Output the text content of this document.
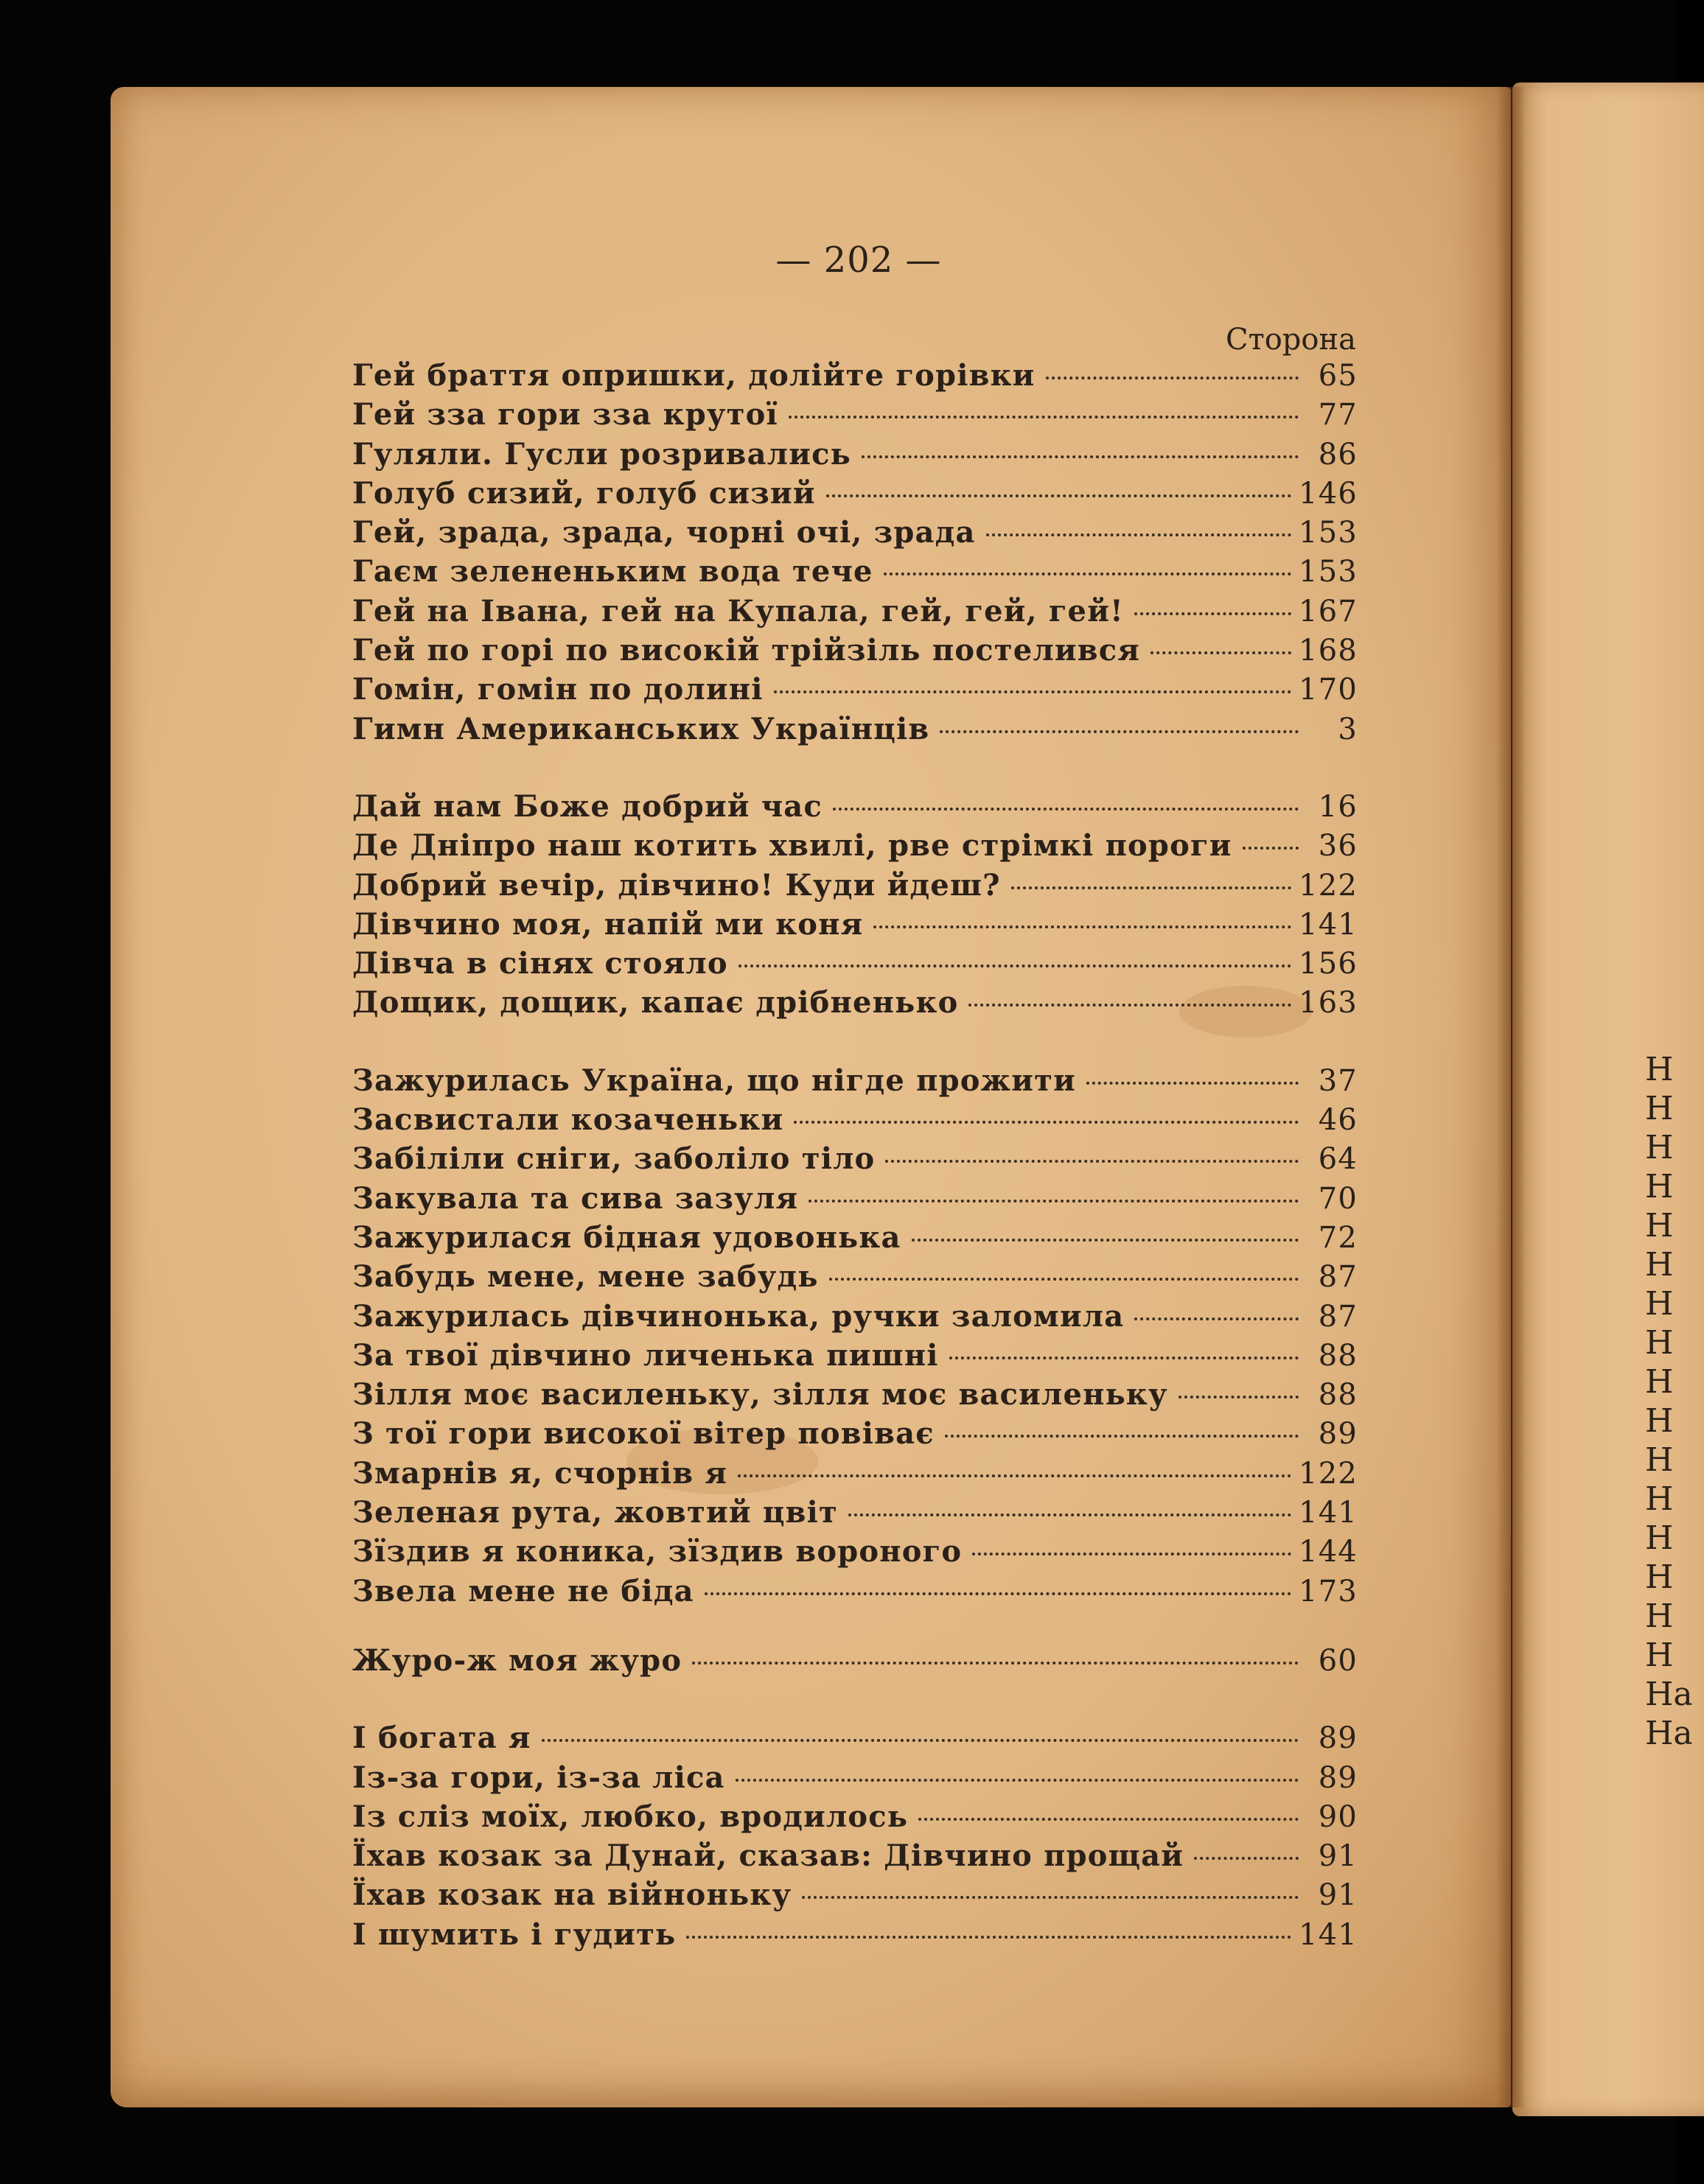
Н
Н
Н
Н
Н
Н
Н
Н
Н
Н
Н
Н
Н
Н
Н
Н
На
На
— 202 —
Сторона
Гей браття опришки, долійте горівки	65
Гей зза гори зза крутої	77
Гуляли. Гусли розривались	86
Голуб сизий, голуб сизий	146
Гей, зрада, зрада, чорні очі, зрада	153
Гаєм зелененьким вода тече	153
Гей на Івана, гей на Купала, гей, гей, гей!	167
Гей по горі по високій трійзіль постелився	168
Гомін, гомін по долині	170
Гимн Американських Українців	3
Дай нам Боже добрий час	16
Де Дніпро наш котить хвилі, рве стрімкі пороги	36
Добрий вечір, дівчино! Куди йдеш?	122
Дівчино моя, напій ми коня	141
Дівча в сінях стояло	156
Дощик, дощик, капає дрібненько	163
Зажурилась Україна, що нігде прожити	37
Засвистали козаченьки	46
Забіліли сніги, заболіло тіло	64
Закувала та сива зазуля	70
Зажурилася бідная удовонька	72
Забудь мене, мене забудь	87
Зажурилась дівчинонька, ручки заломила	87
За твої дівчино личенька пишні	88
Зілля моє василеньку, зілля моє василеньку	88
З тої гори високої вітер повіває	89
Змарнів я, счорнів я	122
Зеленая рута, жовтий цвіт	141
Зїздив я коника, зїздив вороного	144
Звела мене не біда	173
Журо-ж моя журо	60
І богата я	89
Із-за гори, із-за ліса	89
Із сліз моїх, любко, вродилось	90
Їхав козак за Дунай, сказав: Дівчино прощай	91
Їхав козак на війноньку	91
І шумить і гудить	141
